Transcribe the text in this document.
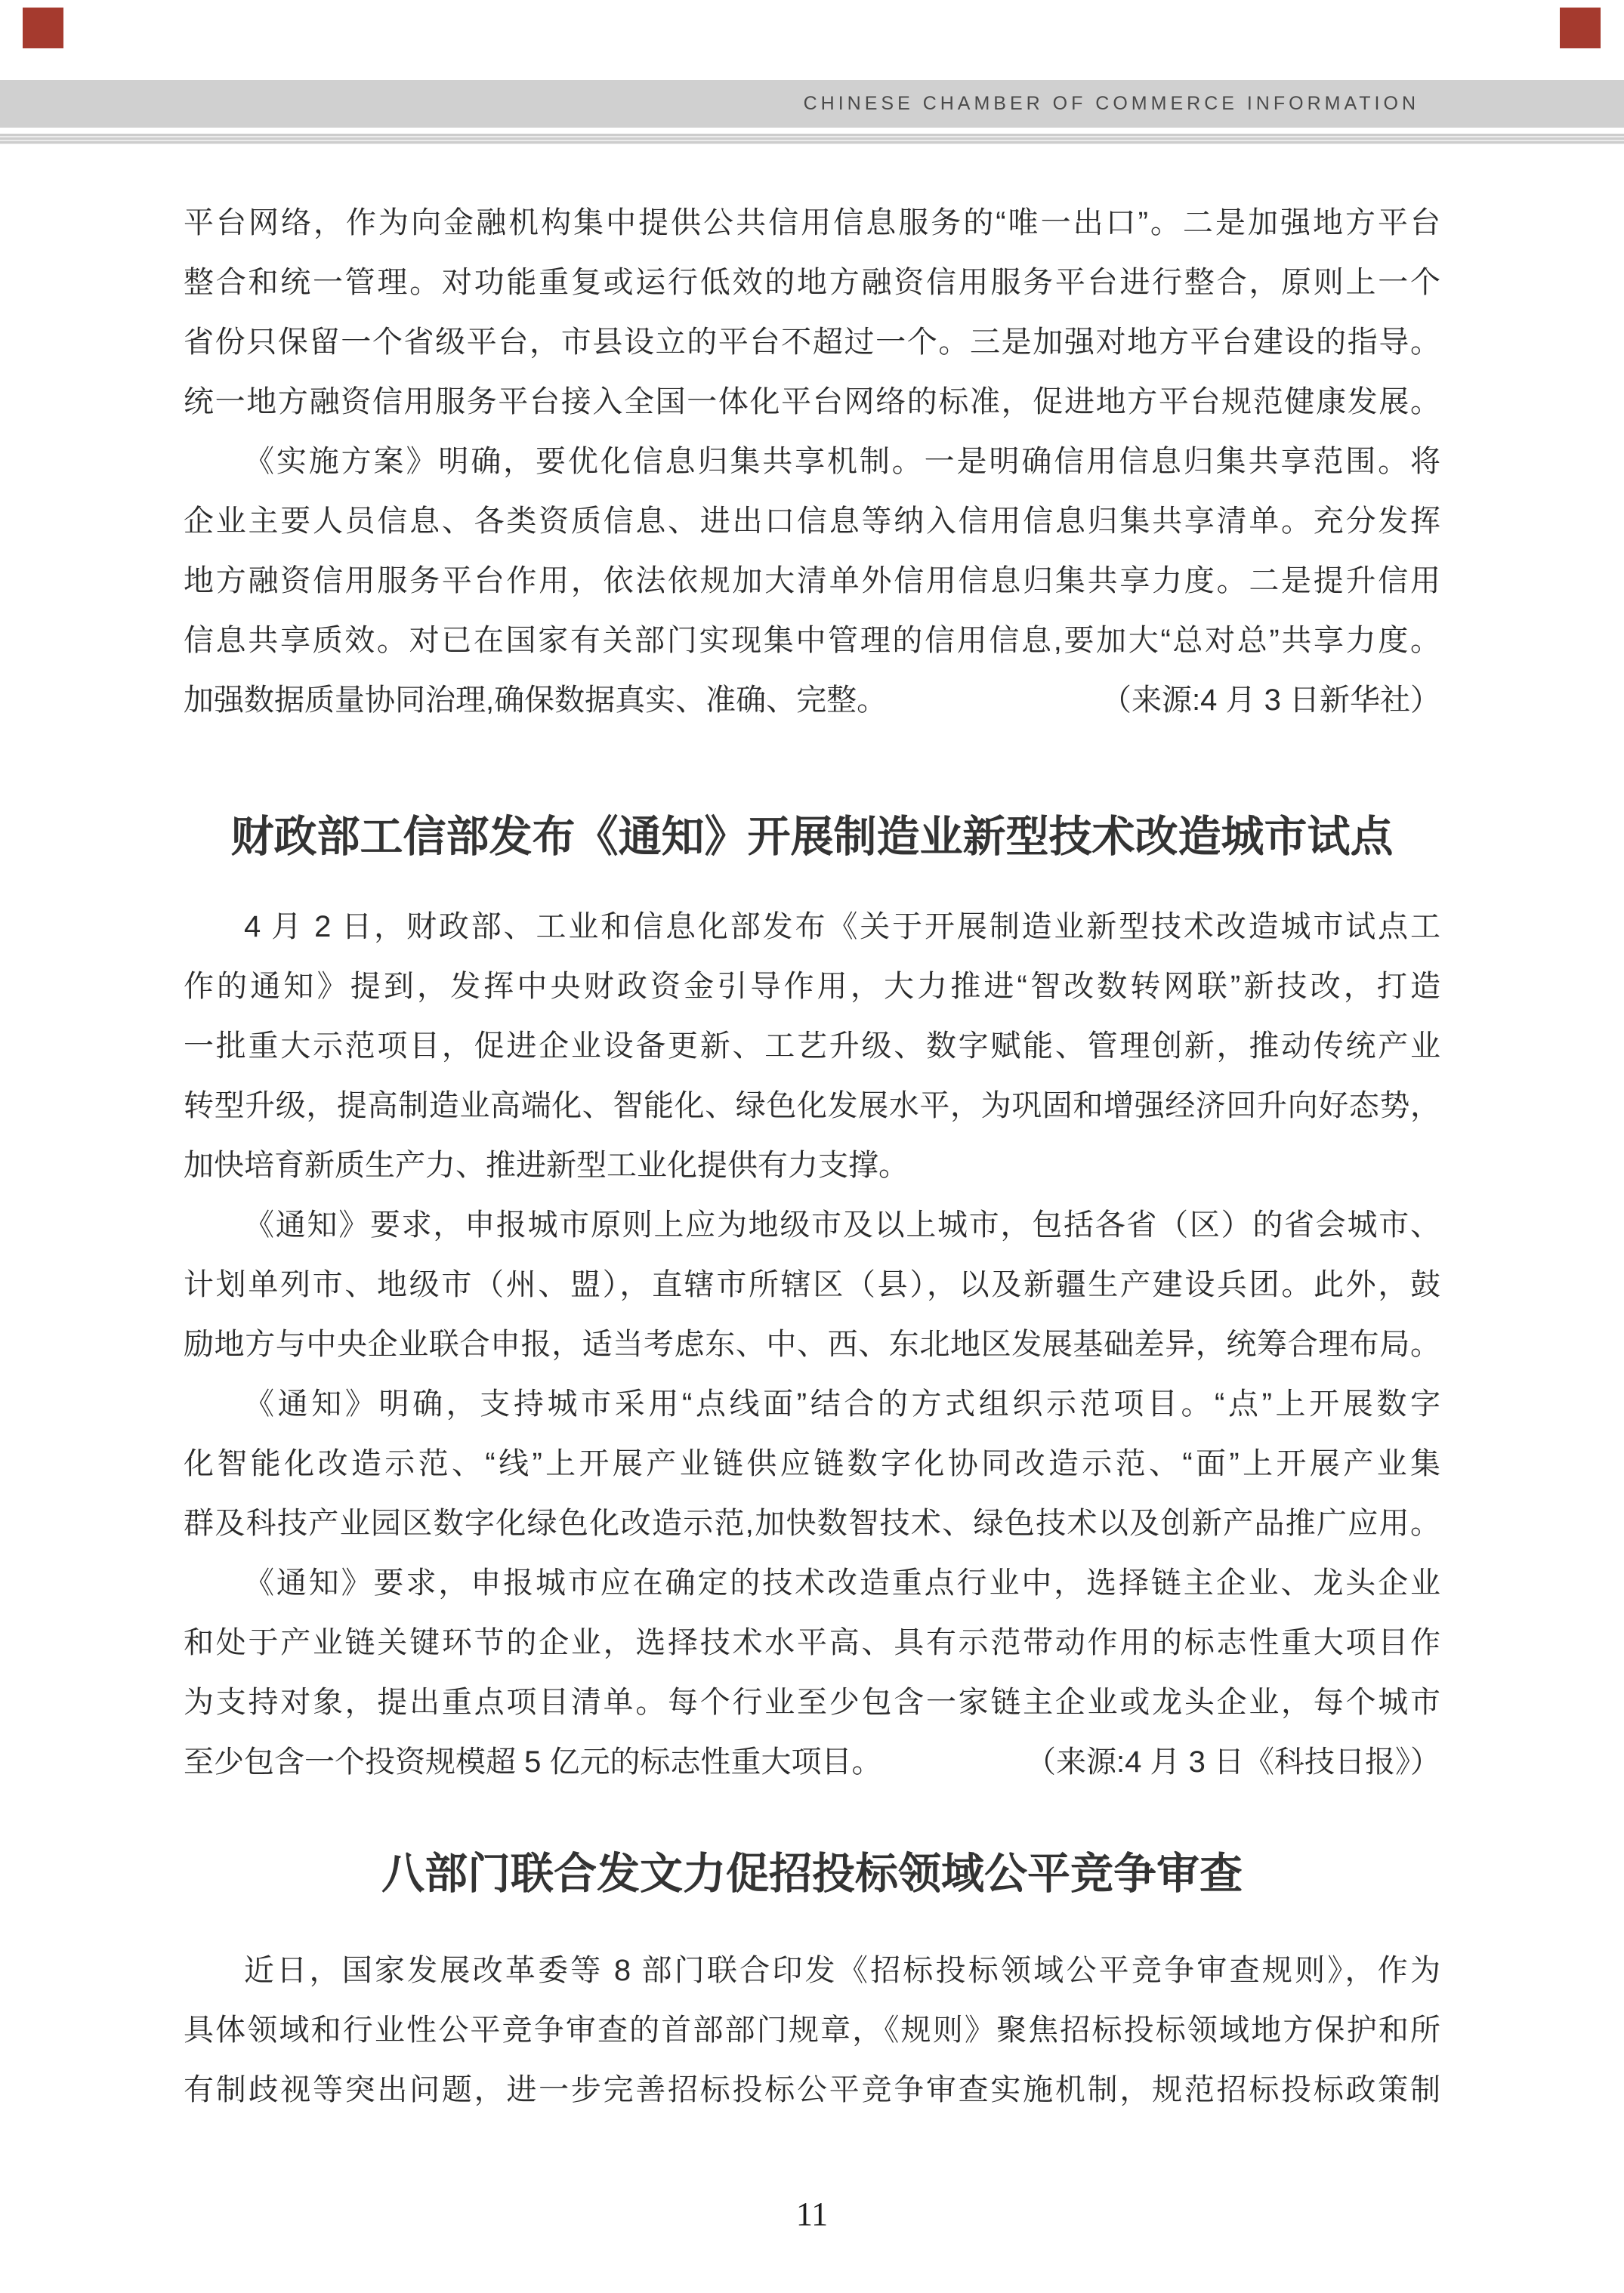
CHINESE CHAMBER OF COMMERCE INFORMATION
平台网络，作为向金融机构集中提供公共信用信息服务的“唯一出口”。二是加强地方平台
整合和统一管理。对功能重复或运行低效的地方融资信用服务平台进行整合，原则上一个
省份只保留一个省级平台，市县设立的平台不超过一个。三是加强对地方平台建设的指导。
统一地方融资信用服务平台接入全国一体化平台网络的标准，促进地方平台规范健康发展。
《实施方案》明确，要优化信息归集共享机制。一是明确信用信息归集共享范围。将
企业主要人员信息、各类资质信息、进出口信息等纳入信用信息归集共享清单。充分发挥
地方融资信用服务平台作用，依法依规加大清单外信用信息归集共享力度。二是提升信用
信息共享质效。对已在国家有关部门实现集中管理的信用信息,要加大“总对总”共享力度。
加强数据质量协同治理,确保数据真实、准确、完整。	（来源:4 月 3 日新华社）
财政部工信部发布《通知》开展制造业新型技术改造城市试点
4 月 2 日，财政部、工业和信息化部发布《关于开展制造业新型技术改造城市试点工
作的通知》提到，发挥中央财政资金引导作用，大力推进“智改数转网联”新技改，打造
一批重大示范项目，促进企业设备更新、工艺升级、数字赋能、管理创新，推动传统产业
转型升级，提高制造业高端化、智能化、绿色化发展水平，为巩固和增强经济回升向好态势，
加快培育新质生产力、推进新型工业化提供有力支撑。
《通知》要求，申报城市原则上应为地级市及以上城市，包括各省（区）的省会城市、
计划单列市、地级市（州、盟），直辖市所辖区（县），以及新疆生产建设兵团。此外，鼓
励地方与中央企业联合申报，适当考虑东、中、西、东北地区发展基础差异，统筹合理布局。
《通知》明确，支持城市采用“点线面”结合的方式组织示范项目。“点”上开展数字
化智能化改造示范、“线”上开展产业链供应链数字化协同改造示范、“面”上开展产业集
群及科技产业园区数字化绿色化改造示范,加快数智技术、绿色技术以及创新产品推广应用。
《通知》要求，申报城市应在确定的技术改造重点行业中，选择链主企业、龙头企业
和处于产业链关键环节的企业，选择技术水平高、具有示范带动作用的标志性重大项目作
为支持对象，提出重点项目清单。每个行业至少包含一家链主企业或龙头企业，每个城市
至少包含一个投资规模超 5 亿元的标志性重大项目。	（来源:4 月 3 日《科技日报》）
八部门联合发文力促招投标领域公平竞争审查
近日，国家发展改革委等 8 部门联合印发《招标投标领域公平竞争审查规则》，作为
具体领域和行业性公平竞争审查的首部部门规章，《规则》聚焦招标投标领域地方保护和所
有制歧视等突出问题，进一步完善招标投标公平竞争审查实施机制，规范招标投标政策制
11
